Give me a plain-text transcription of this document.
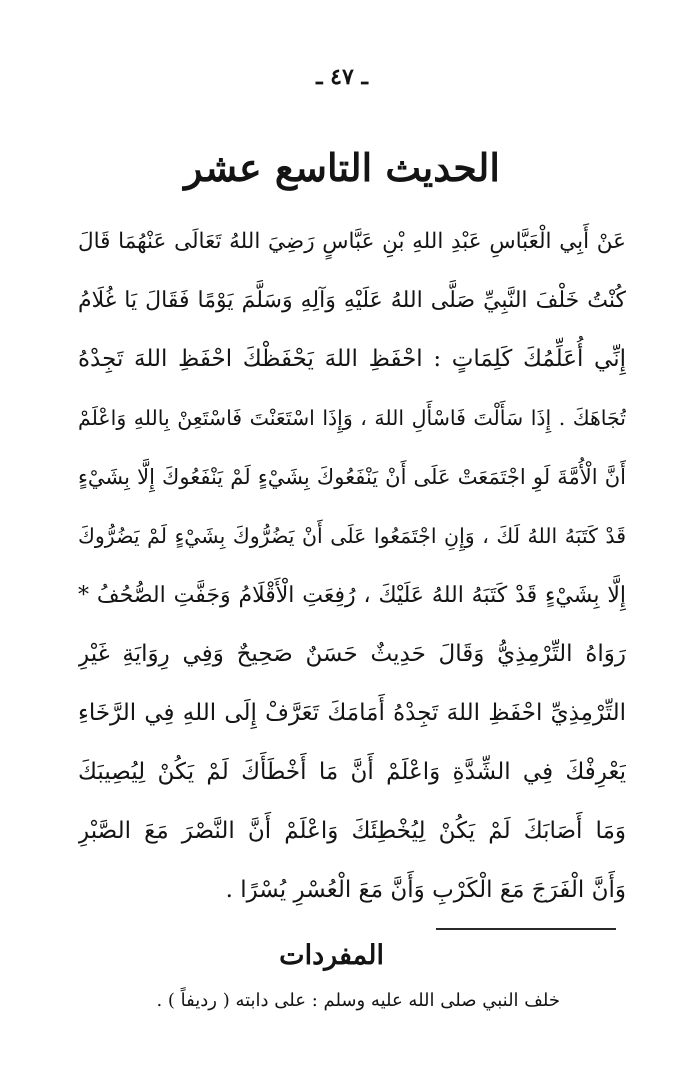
ـ ٤٧ ـ
الحديث التاسع عشر
عَنْ أَبِي الْعَبَّاسِ عَبْدِ اللهِ بْنِ عَبَّاسٍ رَضِيَ اللهُ تَعَالَى عَنْهُمَا قَالَ
كُنْتُ خَلْفَ النَّبِيِّ صَلَّى اللهُ عَلَيْهِ وَآلِهِ وَسَلَّمَ يَوْمًا فَقَالَ يَا غُلَامُ
إِنِّي أُعَلِّمُكَ كَلِمَاتٍ : احْفَظِ اللهَ يَحْفَظْكَ احْفَظِ اللهَ تَجِدْهُ
تُجَاهَكَ . إِذَا سَأَلْتَ فَاسْأَلِ اللهَ ، وَإِذَا اسْتَعَنْتَ فَاسْتَعِنْ بِاللهِ وَاعْلَمْ
أَنَّ الْأُمَّةَ لَوِ اجْتَمَعَتْ عَلَى أَنْ يَنْفَعُوكَ بِشَيْءٍ لَمْ يَنْفَعُوكَ إِلَّا بِشَيْءٍ
قَدْ كَتَبَهُ اللهُ لَكَ ، وَإِنِ اجْتَمَعُوا عَلَى أَنْ يَضُرُّوكَ بِشَيْءٍ لَمْ يَضُرُّوكَ
إِلَّا بِشَيْءٍ قَدْ كَتَبَهُ اللهُ عَلَيْكَ ، رُفِعَتِ الْأَقْلَامُ وَجَفَّتِ الصُّحُفُ *
رَوَاهُ التِّرْمِذِيُّ وَقَالَ حَدِيثٌ حَسَنٌ صَحِيحٌ وَفِي رِوَايَةِ غَيْرِ
التِّرْمِذِيِّ احْفَظِ اللهَ تَجِدْهُ أَمَامَكَ تَعَرَّفْ إِلَى اللهِ فِي الرَّخَاءِ
يَعْرِفْكَ فِي الشِّدَّةِ وَاعْلَمْ أَنَّ مَا أَخْطَأَكَ لَمْ يَكُنْ لِيُصِيبَكَ
وَمَا أَصَابَكَ لَمْ يَكُنْ لِيُخْطِئَكَ وَاعْلَمْ أَنَّ النَّصْرَ مَعَ الصَّبْرِ
وَأَنَّ الْفَرَجَ مَعَ الْكَرْبِ وَأَنَّ مَعَ الْعُسْرِ يُسْرًا .
المفردات
خلف النبي صلى الله عليه وسلم : على دابته ( رديفاً ) .
